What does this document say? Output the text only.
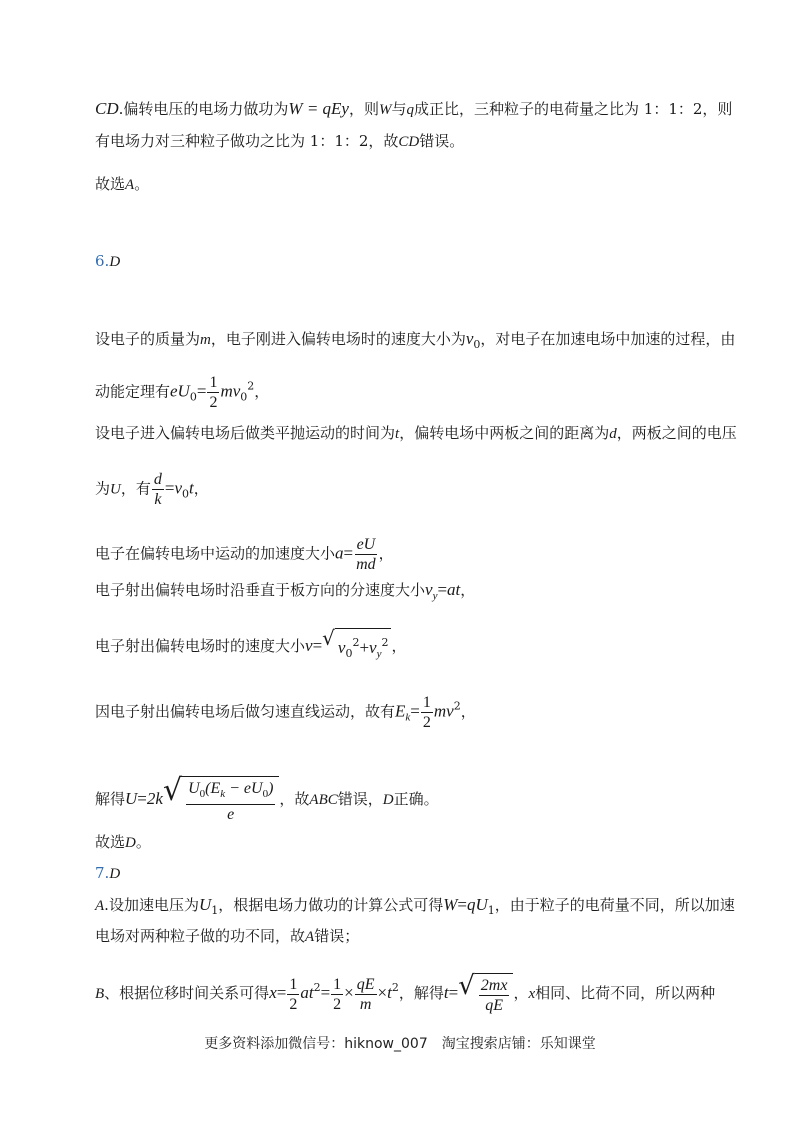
CD.偏转电压的电场力做功为W = qEy，则W与q成正比，三种粒子的电荷量之比为 1：1：2，则
有电场力对三种粒子做功之比为 1：1：2，故CD错误。
故选A。
6.D
设电子的质量为m，电子刚进入偏转电场时的速度大小为$v_0$，对电子在加速电场中加速的过程，由
动能定理有$eU_0= \frac{1}{2} mv_0^2$，
设电子进入偏转电场后做类平抛运动的时间为t，偏转电场中两板之间的距离为d，两板之间的电压
为U，有 $\frac{d}{k} =v_0t$，
电子在偏转电场中运动的加速度大小$a= \frac{eU}{md}$ ，
电子射出偏转电场时沿垂直于板方向的分速度大小$v_y=at$，
电子射出偏转电场时的速度大小v= √ $v_0^2+v_y^2$ ，
因电子射出偏转电场后做匀速直线运动，故有$E_k= \frac{1}{2} mv^2$，
解得U=2k √ $\frac{U_0(E_k - eU_0)}{e}$ ，故ABC错误，D正确。
故选D。
7.D
A.设加速电压为$U_1$，根据电场力做功的计算公式可得$W=qU_1$，由于粒子的电荷量不同，所以加速
电场对两种粒子做的功不同，故A错误；
B、根据位移时间关系可得$x= \frac{1}{2} at^2= \frac{1}{2} \times \frac{qE}{m} \times t^2$，解得t= √ $\frac{2mx}{qE}$ ，x相同、比荷不同，所以两种
更多资料添加微信号：hiknow_007　淘宝搜索店铺：乐知课堂
